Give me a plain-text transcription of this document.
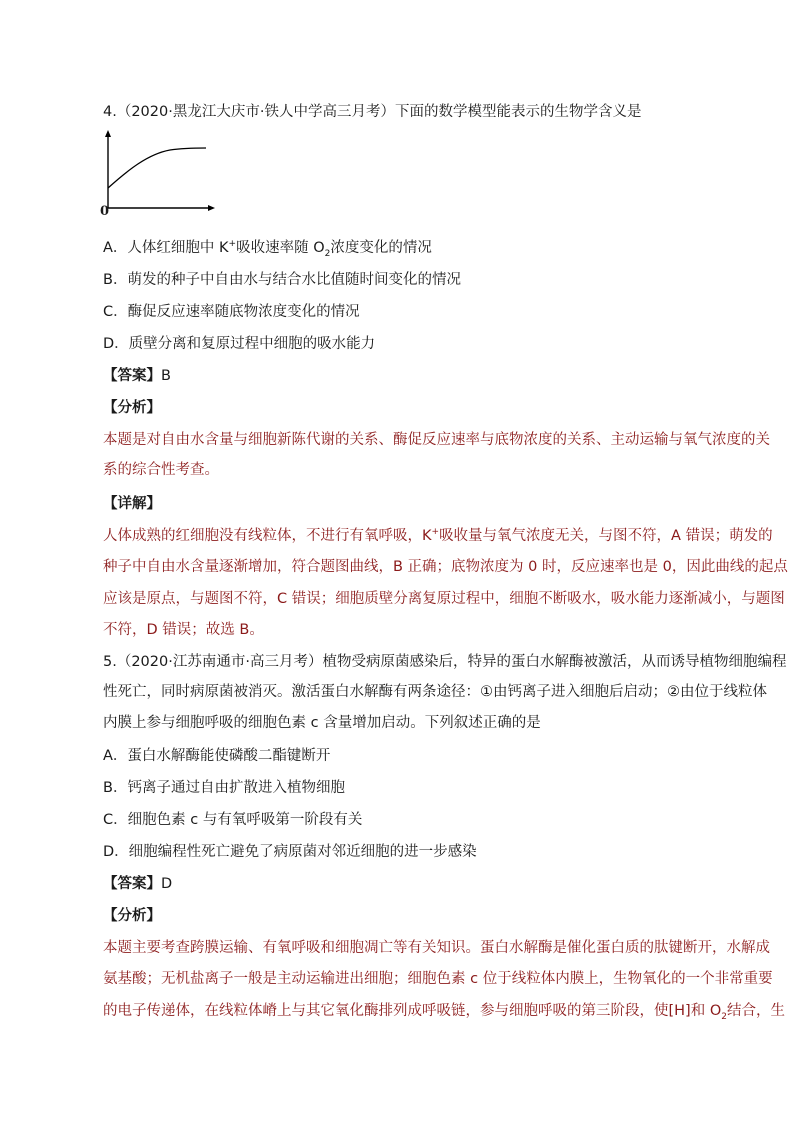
4.（2020·黑龙江大庆市·铁人中学高三月考）下面的数学模型能表示的生物学含义是
0
A．人体红细胞中 K+吸收速率随 $O_2$浓度变化的情况
B．萌发的种子中自由水与结合水比值随时间变化的情况
C．酶促反应速率随底物浓度变化的情况
D．质壁分离和复原过程中细胞的吸水能力
【答案】B
【分析】
本题是对自由水含量与细胞新陈代谢的关系、酶促反应速率与底物浓度的关系、主动运输与氧气浓度的关
系的综合性考查。
【详解】
人体成熟的红细胞没有线粒体，不进行有氧呼吸，K+吸收量与氧气浓度无关，与图不符，A 错误；萌发的
种子中自由水含量逐渐增加，符合题图曲线，B 正确；底物浓度为 0 时，反应速率也是 0，因此曲线的起点
应该是原点，与题图不符，C 错误；细胞质壁分离复原过程中，细胞不断吸水，吸水能力逐渐减小，与题图
不符，D 错误；故选 B。
5.（2020·江苏南通市·高三月考）植物受病原菌感染后，特异的蛋白水解酶被激活，从而诱导植物细胞编程
性死亡，同时病原菌被消灭。激活蛋白水解酶有两条途径：①由钙离子进入细胞后启动；②由位于线粒体
内膜上参与细胞呼吸的细胞色素 c 含量增加启动。下列叙述正确的是
A．蛋白水解酶能使磷酸二酯键断开
B．钙离子通过自由扩散进入植物细胞
C．细胞色素 c 与有氧呼吸第一阶段有关
D．细胞编程性死亡避免了病原菌对邻近细胞的进一步感染
【答案】D
【分析】
本题主要考查跨膜运输、有氧呼吸和细胞凋亡等有关知识。蛋白水解酶是催化蛋白质的肽键断开，水解成
氨基酸；无机盐离子一般是主动运输进出细胞；细胞色素 c 位于线粒体内膜上，生物氧化的一个非常重要
的电子传递体，在线粒体嵴上与其它氧化酶排列成呼吸链，参与细胞呼吸的第三阶段，使[H]和 $O_2$结合，生
